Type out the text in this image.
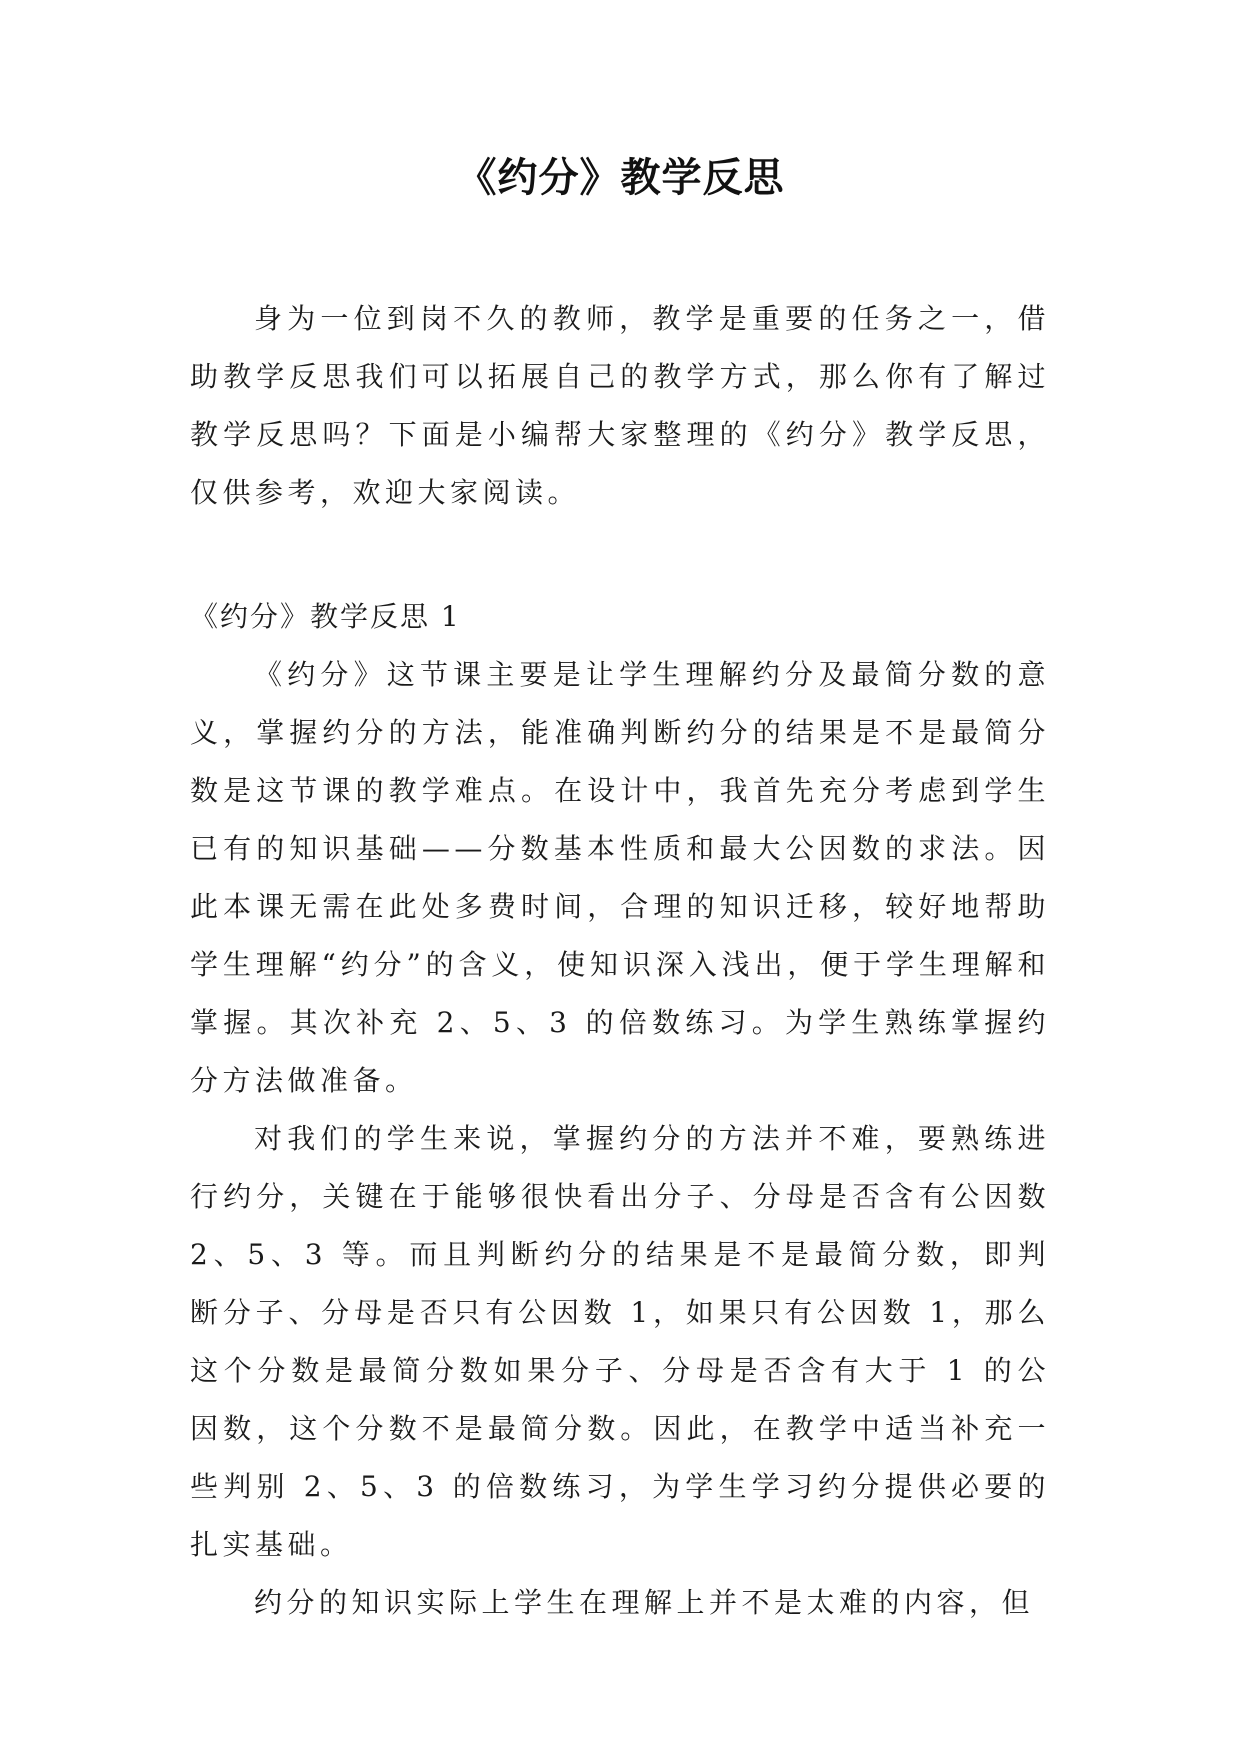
《约分》教学反思

身为一位到岗不久的教师，教学是重要的任务之一，借助教学反思我们可以拓展自己的教学方式，那么你有了解过教学反思吗？下面是小编帮大家整理的《约分》教学反思，仅供参考，欢迎大家阅读。

《约分》教学反思 1

《约分》这节课主要是让学生理解约分及最简分数的意义，掌握约分的方法，能准确判断约分的结果是不是最简分数是这节课的教学难点。在设计中，我首先充分考虑到学生已有的知识基础——分数基本性质和最大公因数的求法。因此本课无需在此处多费时间，合理的知识迁移，较好地帮助学生理解“约分”的含义，使知识深入浅出，便于学生理解和掌握。其次补充 2、5、3 的倍数练习。为学生熟练掌握约分方法做准备。

对我们的学生来说，掌握约分的方法并不难，要熟练进行约分，关键在于能够很快看出分子、分母是否含有公因数 2、5、3 等。而且判断约分的结果是不是最简分数，即判断分子、分母是否只有公因数 1，如果只有公因数 1，那么这个分数是最简分数如果分子、分母是否含有大于 1 的公因数，这个分数不是最简分数。因此，在教学中适当补充一些判别 2、5、3 的倍数练习，为学生学习约分提供必要的扎实基础。

约分的知识实际上学生在理解上并不是太难的内容，但
